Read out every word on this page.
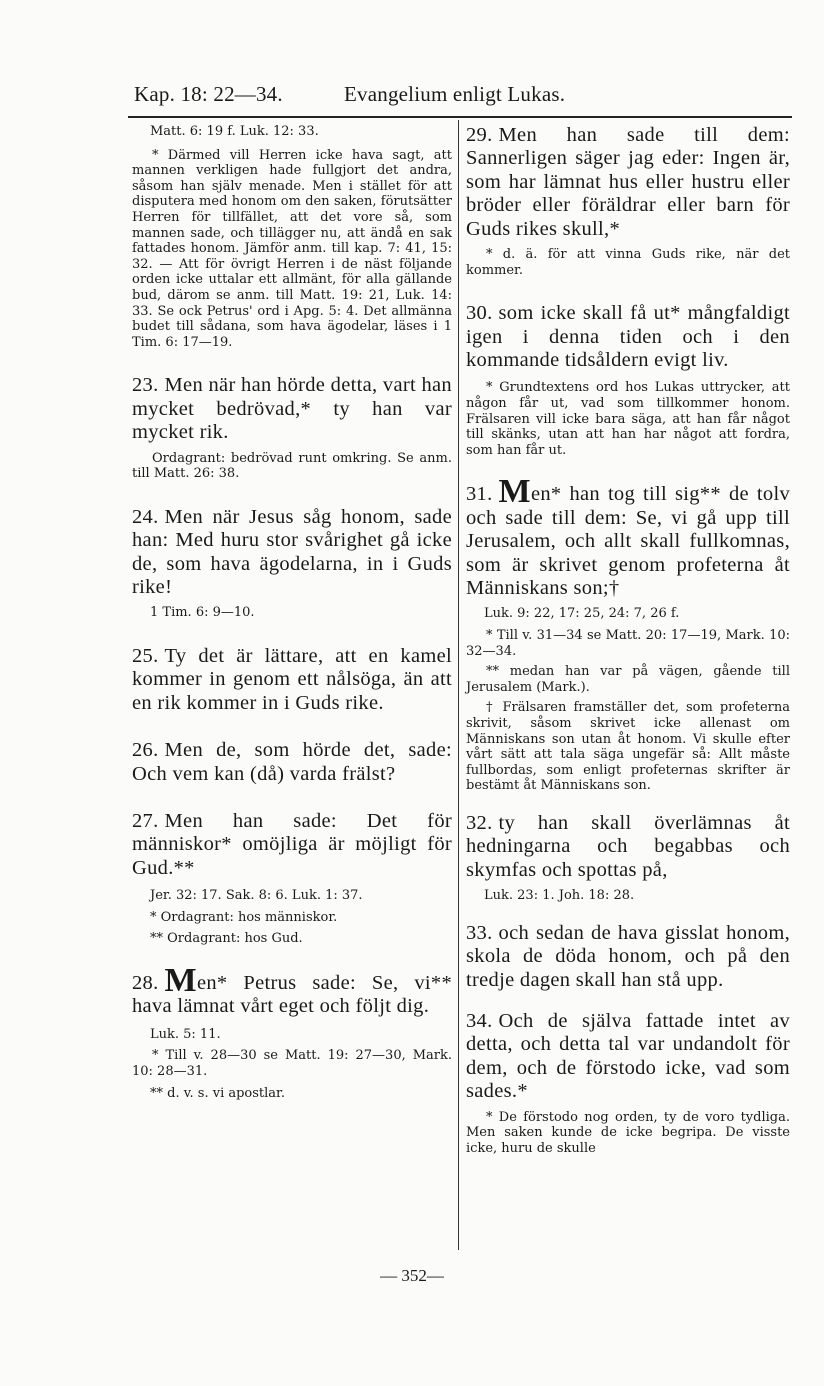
Kap. 18: 22—34.	Evangelium enligt Lukas.

Matt. 6: 19 f. Luk. 12: 33.

* Därmed vill Herren icke hava sagt, att mannen verkligen hade fullgjort det andra, såsom han själv menade. Men i stället för att disputera med honom om den saken, förutsätter Herren för tillfället, att det vore så, som mannen sade, och tillägger nu, att ändå en sak fattades honom. Jämför anm. till kap. 7: 41, 15: 32. — Att för övrigt Herren i de näst följande orden icke uttalar ett allmänt, för alla gällande bud, därom se anm. till Matt. 19: 21, Luk. 14: 33. Se ock Petrus' ord i Apg. 5: 4. Det allmänna budet till sådana, som hava ägodelar, läses i 1 Tim. 6: 17—19.

23. Men när han hörde detta, vart han mycket bedrövad,* ty han var mycket rik.

Ordagrant: bedrövad runt omkring. Se anm. till Matt. 26: 38.

24. Men när Jesus såg honom, sade han: Med huru stor svårighet gå icke de, som hava ägodelarna, in i Guds rike!

1 Tim. 6: 9—10.

25. Ty det är lättare, att en kamel kommer in genom ett nålsöga, än att en rik kommer in i Guds rike.

26. Men de, som hörde det, sade: Och vem kan (då) varda frälst?

27. Men han sade: Det för människor* omöjliga är möjligt för Gud.**

Jer. 32: 17. Sak. 8: 6. Luk. 1: 37.

* Ordagrant: hos människor.

** Ordagrant: hos Gud.

28. Men* Petrus sade: Se, vi** hava lämnat vårt eget och följt dig.

Luk. 5: 11.

* Till v. 28—30 se Matt. 19: 27—30, Mark. 10: 28—31.

** d. v. s. vi apostlar.

29. Men han sade till dem: Sannerligen säger jag eder: Ingen är, som har lämnat hus eller hustru eller bröder eller föräldrar eller barn för Guds rikes skull,*

* d. ä. för att vinna Guds rike, när det kommer.

30. som icke skall få ut* mångfaldigt igen i denna tiden och i den kommande tidsåldern evigt liv.

* Grundtextens ord hos Lukas uttrycker, att någon får ut, vad som tillkommer honom. Frälsaren vill icke bara säga, att han får något till skänks, utan att han har något att fordra, som han får ut.

31. Men* han tog till sig** de tolv och sade till dem: Se, vi gå upp till Jerusalem, och allt skall fullkomnas, som är skrivet genom profeterna åt Människans son;†

Luk. 9: 22, 17: 25, 24: 7, 26 f.

* Till v. 31—34 se Matt. 20: 17—19, Mark. 10: 32—34.

** medan han var på vägen, gående till Jerusalem (Mark.).

† Frälsaren framställer det, som profeterna skrivit, såsom skrivet icke allenast om Människans son utan åt honom. Vi skulle efter vårt sätt att tala säga ungefär så: Allt måste fullbordas, som enligt profeternas skrifter är bestämt åt Människans son.

32. ty han skall överlämnas åt hedningarna och begabbas och skymfas och spottas på,

Luk. 23: 1. Joh. 18: 28.

33. och sedan de hava gisslat honom, skola de döda honom, och på den tredje dagen skall han stå upp.

34. Och de själva fattade intet av detta, och detta tal var undandolt för dem, och de förstodo icke, vad som sades.*

* De förstodo nog orden, ty de voro tydliga. Men saken kunde de icke begripa. De visste icke, huru de skulle

— 352—
